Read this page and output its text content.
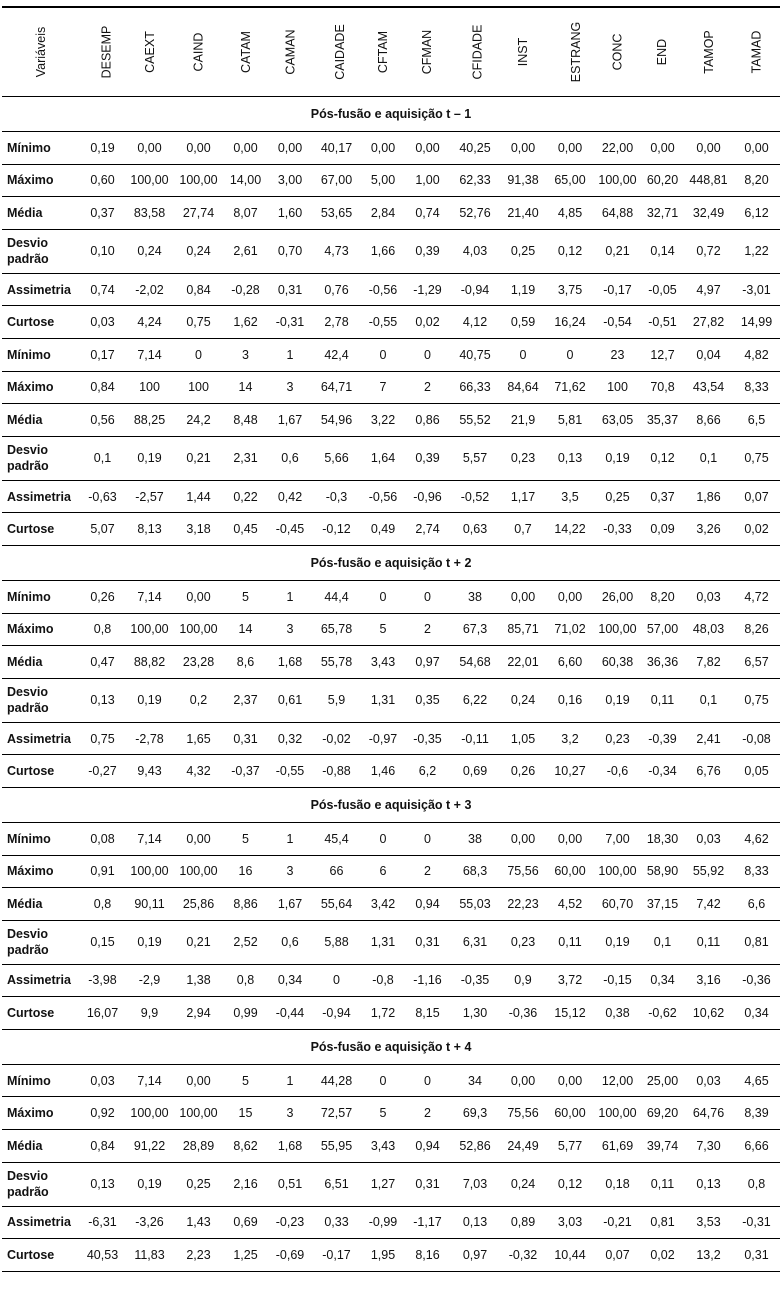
Variáveis	DESEMP	CAEXT	CAIND	CATAM	CAMAN	CAIDADE	CFTAM	CFMAN	CFIDADE	INST	ESTRANG	CONC	END	TAMOP	TAMAD
Pós-fusão e aquisição t – 1															
Mínimo	0,19	0,00	0,00	0,00	0,00	40,17	0,00	0,00	40,25	0,00	0,00	22,00	0,00	0,00	0,00
Máximo	0,60	100,00	100,00	14,00	3,00	67,00	5,00	1,00	62,33	91,38	65,00	100,00	60,20	448,81	8,20
Média	0,37	83,58	27,74	8,07	1,60	53,65	2,84	0,74	52,76	21,40	4,85	64,88	32,71	32,49	6,12
Desvio padrão	0,10	0,24	0,24	2,61	0,70	4,73	1,66	0,39	4,03	0,25	0,12	0,21	0,14	0,72	1,22
Assimetria	0,74	-2,02	0,84	-0,28	0,31	0,76	-0,56	-1,29	-0,94	1,19	3,75	-0,17	-0,05	4,97	-3,01
Curtose	0,03	4,24	0,75	1,62	-0,31	2,78	-0,55	0,02	4,12	0,59	16,24	-0,54	-0,51	27,82	14,99
Mínimo	0,17	7,14	0	3	1	42,4	0	0	40,75	0	0	23	12,7	0,04	4,82
Máximo	0,84	100	100	14	3	64,71	7	2	66,33	84,64	71,62	100	70,8	43,54	8,33
Média	0,56	88,25	24,2	8,48	1,67	54,96	3,22	0,86	55,52	21,9	5,81	63,05	35,37	8,66	6,5
Desvio padrão	0,1	0,19	0,21	2,31	0,6	5,66	1,64	0,39	5,57	0,23	0,13	0,19	0,12	0,1	0,75
Assimetria	-0,63	-2,57	1,44	0,22	0,42	-0,3	-0,56	-0,96	-0,52	1,17	3,5	0,25	0,37	1,86	0,07
Curtose	5,07	8,13	3,18	0,45	-0,45	-0,12	0,49	2,74	0,63	0,7	14,22	-0,33	0,09	3,26	0,02
Pós-fusão e aquisição t + 2															
Mínimo	0,26	7,14	0,00	5	1	44,4	0	0	38	0,00	0,00	26,00	8,20	0,03	4,72
Máximo	0,8	100,00	100,00	14	3	65,78	5	2	67,3	85,71	71,02	100,00	57,00	48,03	8,26
Média	0,47	88,82	23,28	8,6	1,68	55,78	3,43	0,97	54,68	22,01	6,60	60,38	36,36	7,82	6,57
Desvio padrão	0,13	0,19	0,2	2,37	0,61	5,9	1,31	0,35	6,22	0,24	0,16	0,19	0,11	0,1	0,75
Assimetria	0,75	-2,78	1,65	0,31	0,32	-0,02	-0,97	-0,35	-0,11	1,05	3,2	0,23	-0,39	2,41	-0,08
Curtose	-0,27	9,43	4,32	-0,37	-0,55	-0,88	1,46	6,2	0,69	0,26	10,27	-0,6	-0,34	6,76	0,05
Pós-fusão e aquisição t + 3															
Mínimo	0,08	7,14	0,00	5	1	45,4	0	0	38	0,00	0,00	7,00	18,30	0,03	4,62
Máximo	0,91	100,00	100,00	16	3	66	6	2	68,3	75,56	60,00	100,00	58,90	55,92	8,33
Média	0,8	90,11	25,86	8,86	1,67	55,64	3,42	0,94	55,03	22,23	4,52	60,70	37,15	7,42	6,6
Desvio padrão	0,15	0,19	0,21	2,52	0,6	5,88	1,31	0,31	6,31	0,23	0,11	0,19	0,1	0,11	0,81
Assimetria	-3,98	-2,9	1,38	0,8	0,34	0	-0,8	-1,16	-0,35	0,9	3,72	-0,15	0,34	3,16	-0,36
Curtose	16,07	9,9	2,94	0,99	-0,44	-0,94	1,72	8,15	1,30	-0,36	15,12	0,38	-0,62	10,62	0,34
Pós-fusão e aquisição t + 4															
Mínimo	0,03	7,14	0,00	5	1	44,28	0	0	34	0,00	0,00	12,00	25,00	0,03	4,65
Máximo	0,92	100,00	100,00	15	3	72,57	5	2	69,3	75,56	60,00	100,00	69,20	64,76	8,39
Média	0,84	91,22	28,89	8,62	1,68	55,95	3,43	0,94	52,86	24,49	5,77	61,69	39,74	7,30	6,66
Desvio padrão	0,13	0,19	0,25	2,16	0,51	6,51	1,27	0,31	7,03	0,24	0,12	0,18	0,11	0,13	0,8
Assimetria	-6,31	-3,26	1,43	0,69	-0,23	0,33	-0,99	-1,17	0,13	0,89	3,03	-0,21	0,81	3,53	-0,31
Curtose	40,53	11,83	2,23	1,25	-0,69	-0,17	1,95	8,16	0,97	-0,32	10,44	0,07	0,02	13,2	0,31
